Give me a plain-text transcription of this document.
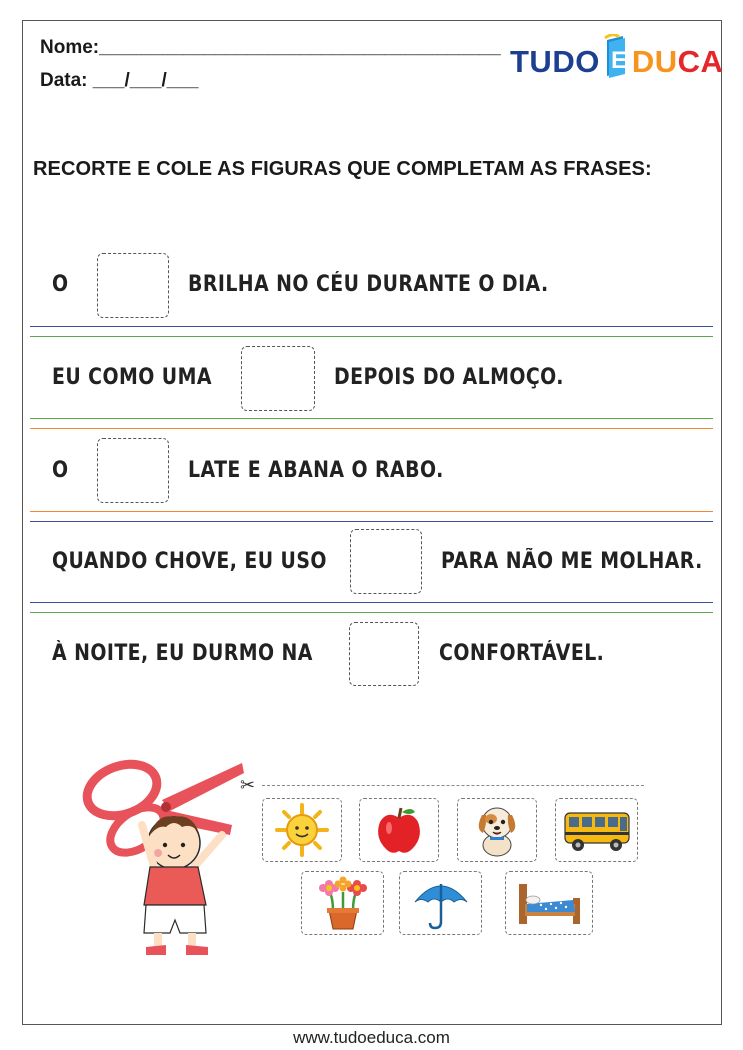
Nome:______________________________________
Data: ___/___/___
TUDO E DUCA
RECORTE E COLE AS FIGURAS QUE COMPLETAM AS FRASES:
O	BRILHA NO CÉU DURANTE O DIA.
EU COMO UMA	DEPOIS DO ALMOÇO.
O	LATE E ABANA O RABO.
QUANDO CHOVE, EU USO	PARA NÃO ME MOLHAR.
À NOITE, EU DURMO NA	CONFORTÁVEL.
✂
www.tudoeduca.com
